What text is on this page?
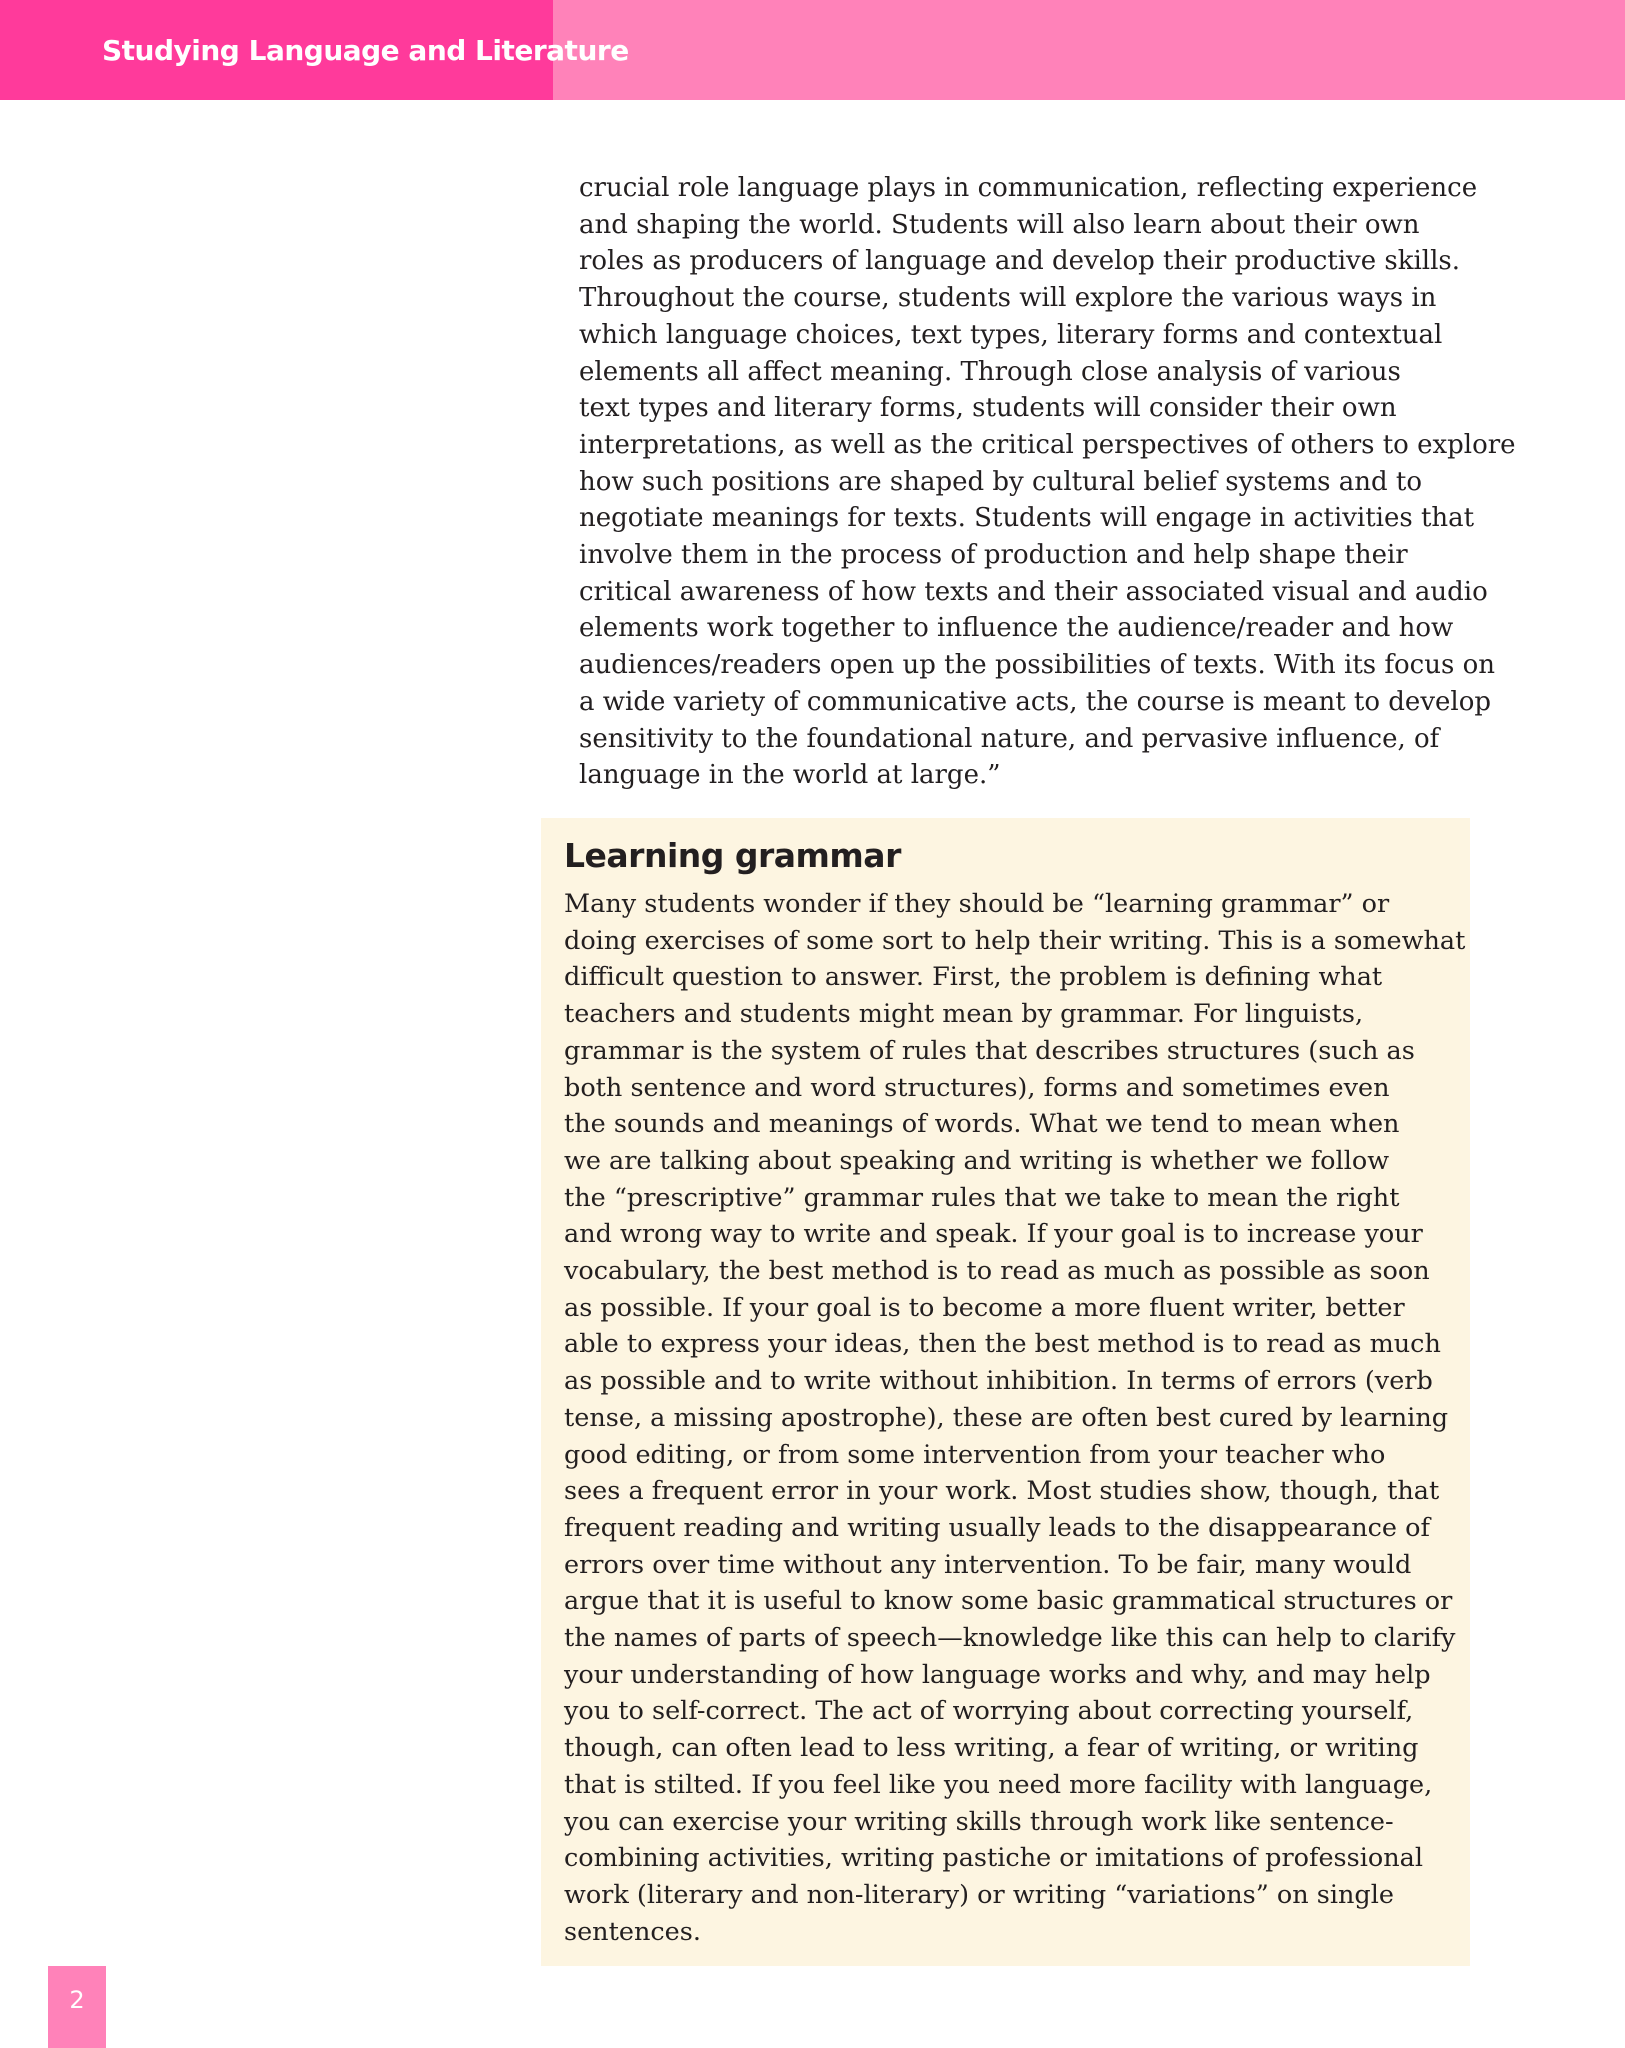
Studying Language and Literature
crucial role language plays in communication, reflecting experience
and shaping the world. Students will also learn about their own
roles as producers of language and develop their productive skills.
Throughout the course, students will explore the various ways in
which language choices, text types, literary forms and contextual
elements all affect meaning. Through close analysis of various
text types and literary forms, students will consider their own
interpretations, as well as the critical perspectives of others to explore
how such positions are shaped by cultural belief systems and to
negotiate meanings for texts. Students will engage in activities that
involve them in the process of production and help shape their
critical awareness of how texts and their associated visual and audio
elements work together to influence the audience/reader and how
audiences/readers open up the possibilities of texts. With its focus on
a wide variety of communicative acts, the course is meant to develop
sensitivity to the foundational nature, and pervasive influence, of
language in the world at large.”
Learning grammar
Many students wonder if they should be “learning grammar” or
doing exercises of some sort to help their writing. This is a somewhat
difficult question to answer. First, the problem is defining what
teachers and students might mean by grammar. For linguists,
grammar is the system of rules that describes structures (such as
both sentence and word structures), forms and sometimes even
the sounds and meanings of words. What we tend to mean when
we are talking about speaking and writing is whether we follow
the “prescriptive” grammar rules that we take to mean the right
and wrong way to write and speak. If your goal is to increase your
vocabulary, the best method is to read as much as possible as soon
as possible. If your goal is to become a more fluent writer, better
able to express your ideas, then the best method is to read as much
as possible and to write without inhibition. In terms of errors (verb
tense, a missing apostrophe), these are often best cured by learning
good editing, or from some intervention from your teacher who
sees a frequent error in your work. Most studies show, though, that
frequent reading and writing usually leads to the disappearance of
errors over time without any intervention. To be fair, many would
argue that it is useful to know some basic grammatical structures or
the names of parts of speech—knowledge like this can help to clarify
your understanding of how language works and why, and may help
you to self-correct. The act of worrying about correcting yourself,
though, can often lead to less writing, a fear of writing, or writing
that is stilted. If you feel like you need more facility with language,
you can exercise your writing skills through work like sentence-
combining activities, writing pastiche or imitations of professional
work (literary and non-literary) or writing “variations” on single
sentences.
2
